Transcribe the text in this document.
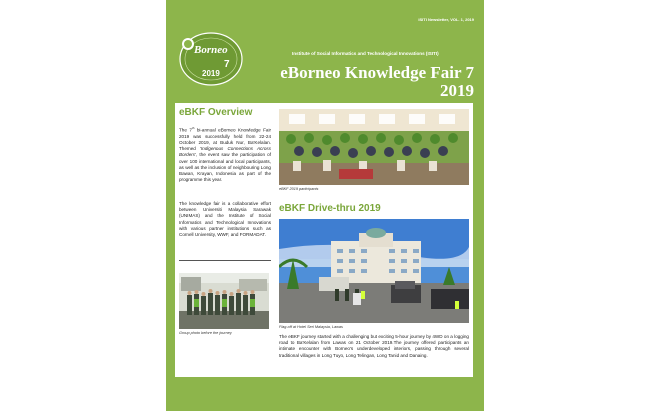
ISITI Newsletter, VOL. 1, 2019
Borneo
7
2019
Institute of Social Informatics and Technological Innovations (ISITI)
eBorneo Knowledge Fair 7
2019
eBKF Overview
The 7th bi-annual eBorneo Knowledge Fair 2019 was successfully held from 22-24 October 2019, at Buduk Nur, Ba'Kelalan. Themed 'Indigenous Connections Across Borders', the event saw the participation of over 100 international and local participants, as well as the inclusion of neighbouring Long Bawan, Krayan, Indonesia as part of the programme this year.
The knowledge fair is a collaborative effort between Universiti Malaysia Sarawak (UNIMAS) and the Institute of Social Informatics and Technological Innovations with various partner institutions such as Cornell University, WWF, and FORMADAT.
Group photo before the journey
eBKF 2019 participants
eBKF Drive-thru 2019
Flag-off at Hotel Seri Malaysia, Lawas
The eBKF journey started with a challenging but exciting 5-hour journey by 4WD on a logging road to Ba'Kelalan from Lawas on 21 October 2019.The journey offered participants an intimate encounter with Borneo's underdeveloped interiors, passing through several traditional villages in Long Tuyo, Long Telingan, Long Tanid and Danaing.
